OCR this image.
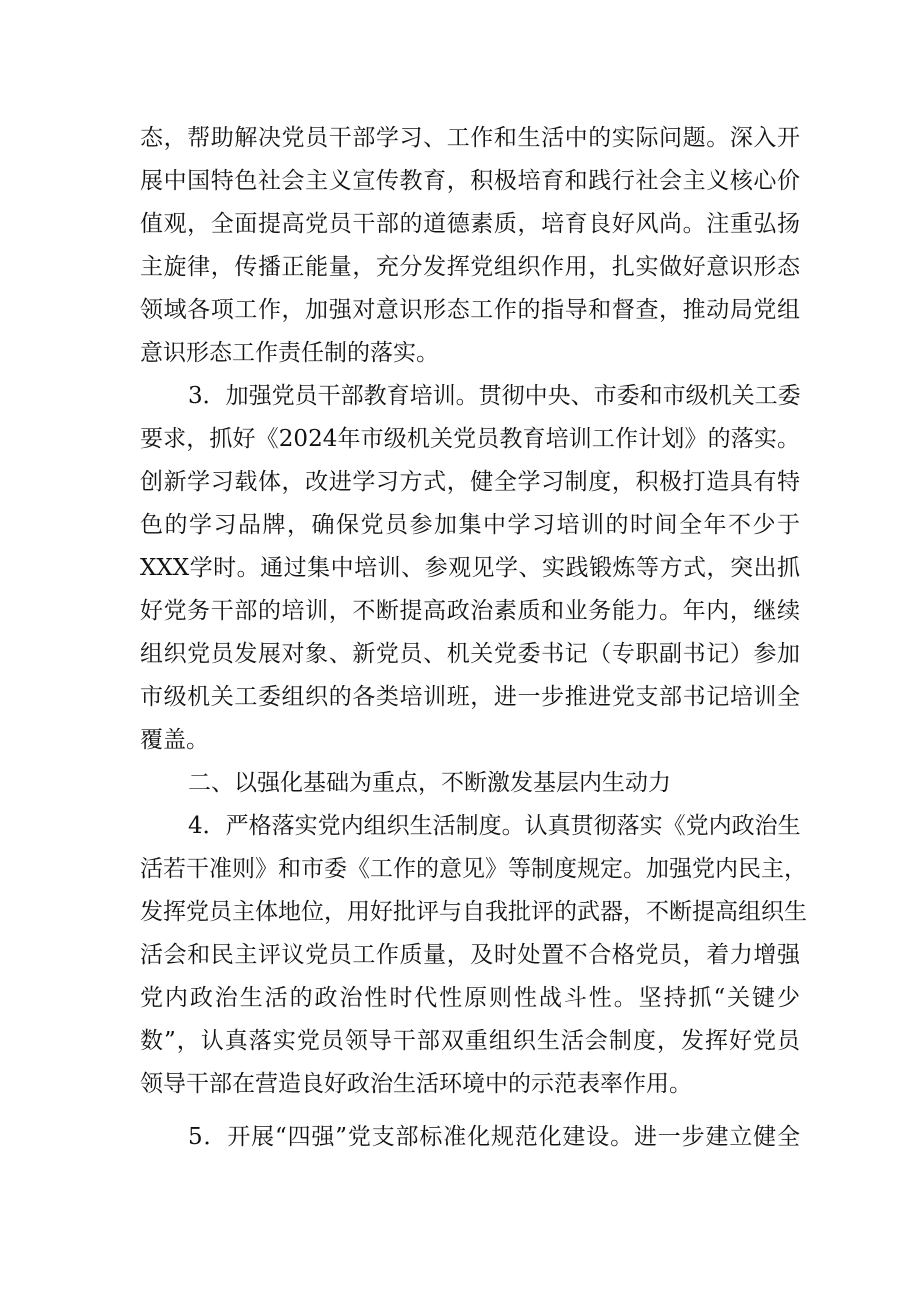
态，帮助解决党员干部学习、工作和生活中的实际问题。深入开
展中国特色社会主义宣传教育，积极培育和践行社会主义核心价
值观，全面提高党员干部的道德素质，培育良好风尚。注重弘扬
主旋律，传播正能量，充分发挥党组织作用，扎实做好意识形态
领域各项工作，加强对意识形态工作的指导和督查，推动局党组
意识形态工作责任制的落实。
3．加强党员干部教育培训。贯彻中央、市委和市级机关工委
要求，抓好《2024年市级机关党员教育培训工作计划》的落实。
创新学习载体，改进学习方式，健全学习制度，积极打造具有特
色的学习品牌，确保党员参加集中学习培训的时间全年不少于
XXX学时。通过集中培训、参观见学、实践锻炼等方式，突出抓
好党务干部的培训，不断提高政治素质和业务能力。年内，继续
组织党员发展对象、新党员、机关党委书记（专职副书记）参加
市级机关工委组织的各类培训班，进一步推进党支部书记培训全
覆盖。
二、以强化基础为重点，不断激发基层内生动力
4．严格落实党内组织生活制度。认真贯彻落实《党内政治生
活若干准则》和市委《工作的意见》等制度规定。加强党内民主，
发挥党员主体地位，用好批评与自我批评的武器，不断提高组织生
活会和民主评议党员工作质量，及时处置不合格党员，着力增强
党内政治生活的政治性时代性原则性战斗性。坚持抓“关键少
数”，认真落实党员领导干部双重组织生活会制度，发挥好党员
领导干部在营造良好政治生活环境中的示范表率作用。
5．开展“四强”党支部标准化规范化建设。进一步建立健全
